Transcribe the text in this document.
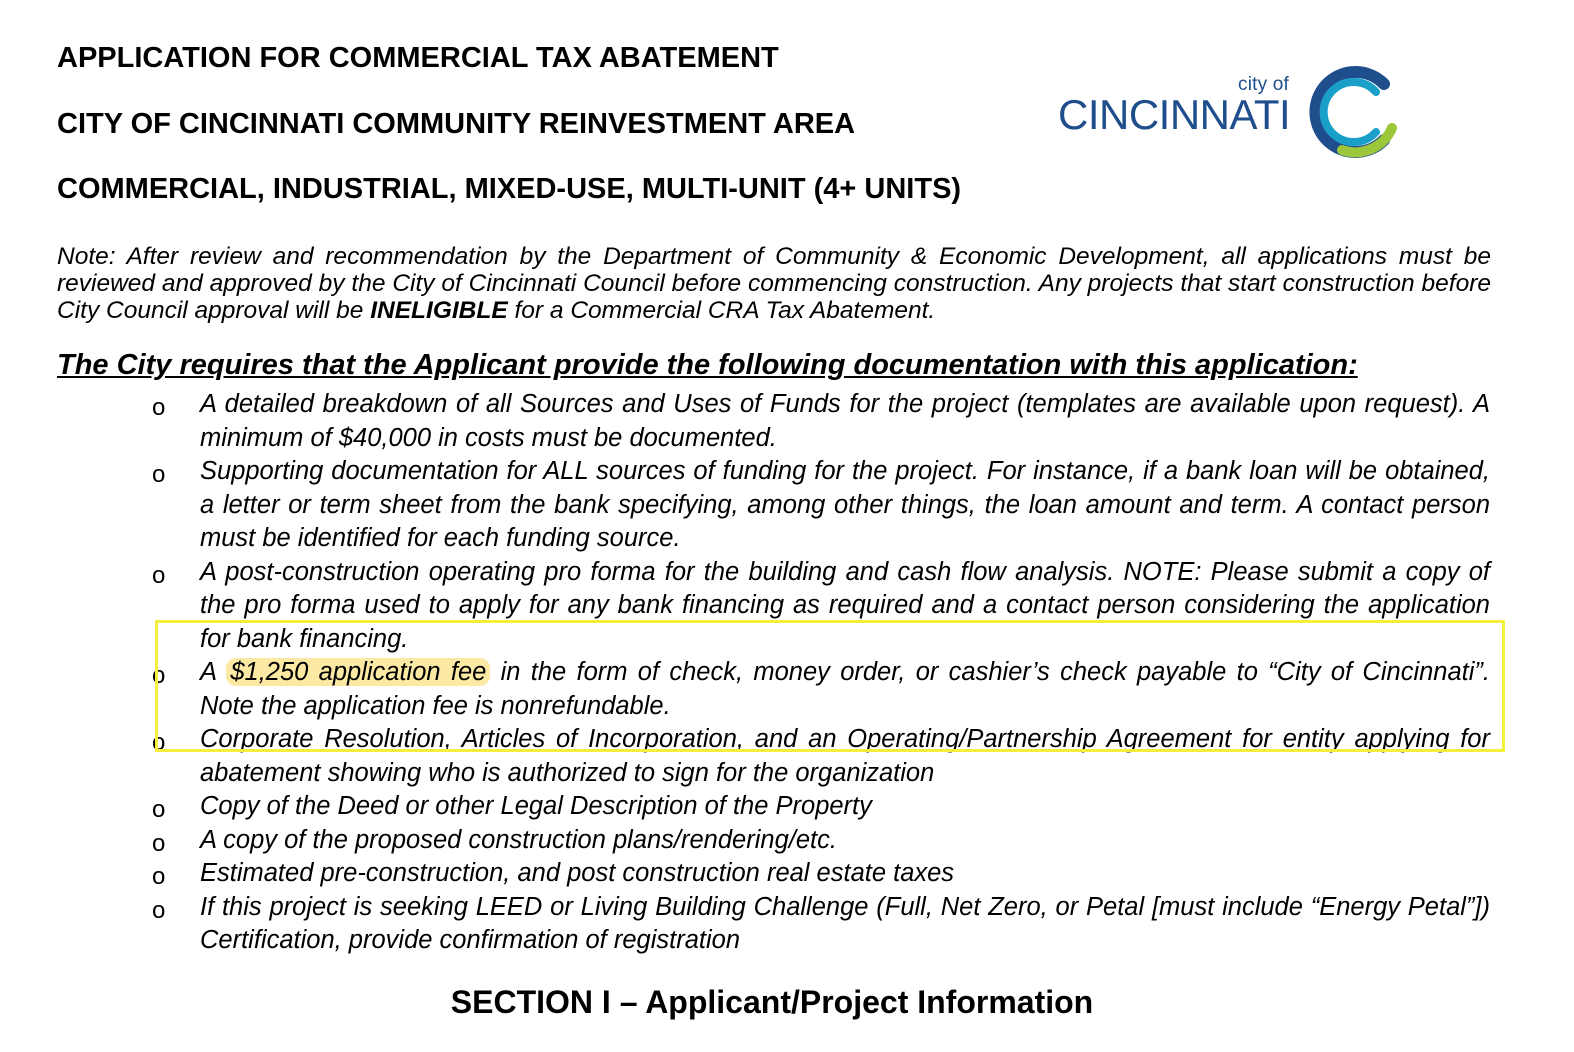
APPLICATION FOR COMMERCIAL TAX ABATEMENT
CITY OF CINCINNATI COMMUNITY REINVESTMENT AREA
COMMERCIAL, INDUSTRIAL, MIXED-USE, MULTI-UNIT (4+ UNITS)
city of
CINCINNATI

Note: After review and recommendation by the Department of Community & Economic Development, all applications must be reviewed and approved by the City of Cincinnati Council before commencing construction. Any projects that start construction before City Council approval will be INELIGIBLE for a Commercial CRA Tax Abatement.

The City requires that the Applicant provide the following documentation with this application:
o A detailed breakdown of all Sources and Uses of Funds for the project (templates are available upon request). A minimum of $40,000 in costs must be documented.
o Supporting documentation for ALL sources of funding for the project. For instance, if a bank loan will be obtained, a letter or term sheet from the bank specifying, among other things, the loan amount and term. A contact person must be identified for each funding source.
o A post-construction operating pro forma for the building and cash flow analysis. NOTE: Please submit a copy of the pro forma used to apply for any bank financing as required and a contact person considering the application for bank financing.
o A $1,250 application fee in the form of check, money order, or cashier’s check payable to “City of Cincinnati”. Note the application fee is nonrefundable.
o Corporate Resolution, Articles of Incorporation, and an Operating/Partnership Agreement for entity applying for abatement showing who is authorized to sign for the organization
o Copy of the Deed or other Legal Description of the Property
o A copy of the proposed construction plans/rendering/etc.
o Estimated pre-construction, and post construction real estate taxes
o If this project is seeking LEED or Living Building Challenge (Full, Net Zero, or Petal [must include “Energy Petal”]) Certification, provide confirmation of registration
SECTION I – Applicant/Project Information
